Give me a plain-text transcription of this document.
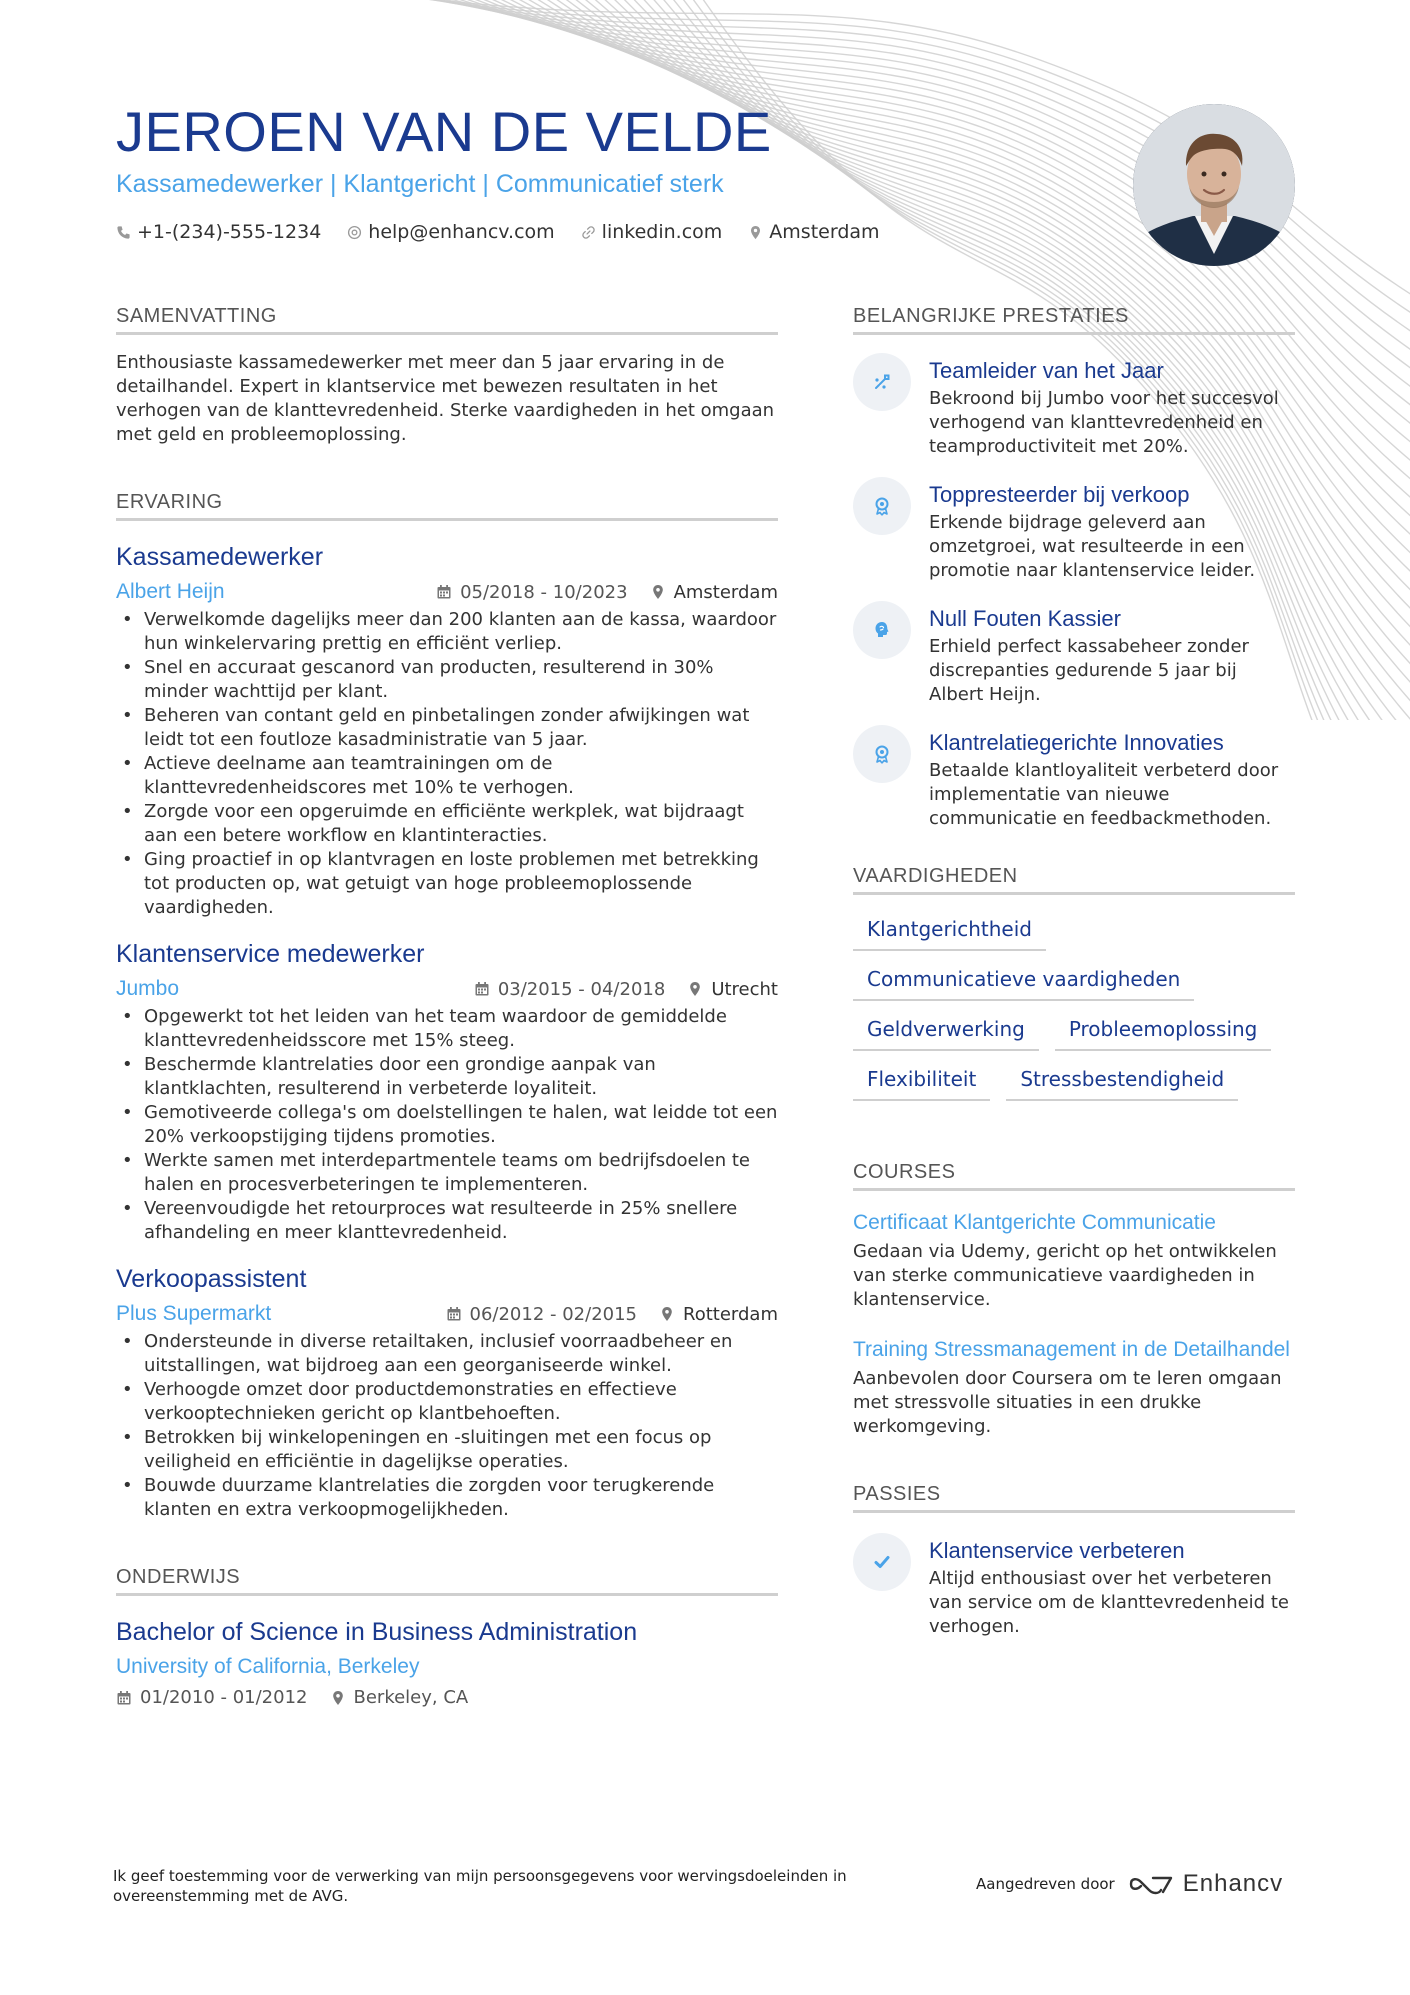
JEROEN VAN DE VELDE
Kassamedewerker | Klantgericht | Communicatief sterk
+1-(234)-555-1234 help@enhancv.com linkedin.com Amsterdam
SAMENVATTING
Enthousiaste kassamedewerker met meer dan 5 jaar ervaring in de detailhandel. Expert in klantservice met bewezen resultaten in het verhogen van de klanttevredenheid. Sterke vaardigheden in het omgaan met geld en probleemoplossing.
ERVARING
Kassamedewerker
Albert Heijn	05/2018 - 10/2023	Amsterdam
• Verwelkomde dagelijks meer dan 200 klanten aan de kassa, waardoor hun winkelervaring prettig en efficiënt verliep.
• Snel en accuraat gescanord van producten, resulterend in 30% minder wachttijd per klant.
• Beheren van contant geld en pinbetalingen zonder afwijkingen wat leidt tot een foutloze kasadministratie van 5 jaar.
• Actieve deelname aan teamtrainingen om de klanttevredenheidscores met 10% te verhogen.
• Zorgde voor een opgeruimde en efficiënte werkplek, wat bijdraagt aan een betere workflow en klantinteracties.
• Ging proactief in op klantvragen en loste problemen met betrekking tot producten op, wat getuigt van hoge probleemoplossende vaardigheden.
Klantenservice medewerker
Jumbo	03/2015 - 04/2018	Utrecht
• Opgewerkt tot het leiden van het team waardoor de gemiddelde klanttevredenheidsscore met 15% steeg.
• Beschermde klantrelaties door een grondige aanpak van klantklachten, resulterend in verbeterde loyaliteit.
• Gemotiveerde collega's om doelstellingen te halen, wat leidde tot een 20% verkoopstijging tijdens promoties.
• Werkte samen met interdepartmentele teams om bedrijfsdoelen te halen en procesverbeteringen te implementeren.
• Vereenvoudigde het retourproces wat resulteerde in 25% snellere afhandeling en meer klanttevredenheid.
Verkoopassistent
Plus Supermarkt	06/2012 - 02/2015	Rotterdam
• Ondersteunde in diverse retailtaken, inclusief voorraadbeheer en uitstallingen, wat bijdroeg aan een georganiseerde winkel.
• Verhoogde omzet door productdemonstraties en effectieve verkooptechnieken gericht op klantbehoeften.
• Betrokken bij winkelopeningen en -sluitingen met een focus op veiligheid en efficiëntie in dagelijkse operaties.
• Bouwde duurzame klantrelaties die zorgden voor terugkerende klanten en extra verkoopmogelijkheden.
ONDERWIJS
Bachelor of Science in Business Administration
University of California, Berkeley
01/2010 - 01/2012	Berkeley, CA
BELANGRIJKE PRESTATIES
Teamleider van het Jaar
Bekroond bij Jumbo voor het succesvol verhogend van klanttevredenheid en teamproductiviteit met 20%.
Toppresteerder bij verkoop
Erkende bijdrage geleverd aan omzetgroei, wat resulteerde in een promotie naar klantenservice leider.
Null Fouten Kassier
Erhield perfect kassabeheer zonder discrepanties gedurende 5 jaar bij Albert Heijn.
Klantrelatiegerichte Innovaties
Betaalde klantloyaliteit verbeterd door implementatie van nieuwe communicatie en feedbackmethoden.
VAARDIGHEDEN
Klantgerichtheid
Communicatieve vaardigheden
Geldverwerking	Probleemoplossing
Flexibiliteit	Stressbestendigheid
COURSES
Certificaat Klantgerichte Communicatie
Gedaan via Udemy, gericht op het ontwikkelen van sterke communicatieve vaardigheden in klantenservice.
Training Stressmanagement in de Detailhandel
Aanbevolen door Coursera om te leren omgaan met stressvolle situaties in een drukke werkomgeving.
PASSIES
Klantenservice verbeteren
Altijd enthousiast over het verbeteren van service om de klanttevredenheid te verhogen.
Ik geef toestemming voor de verwerking van mijn persoonsgegevens voor wervingsdoeleinden in overeenstemming met de AVG.
Aangedreven door	Enhancv
